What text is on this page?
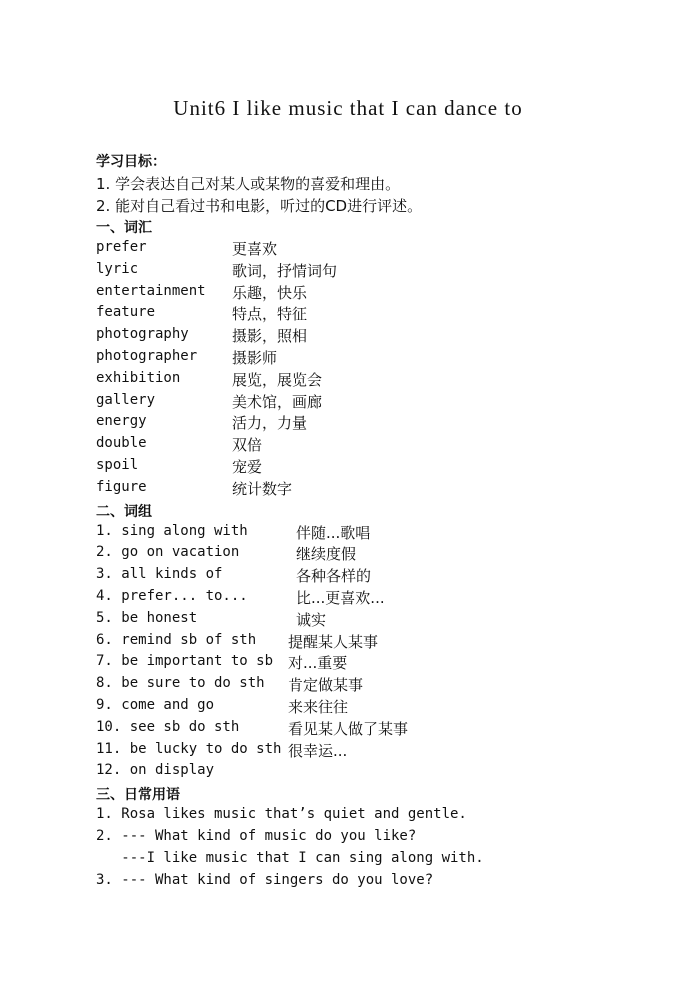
Unit6 I like music that I can dance to
学习目标：
1. 学会表达自己对某人或某物的喜爱和理由。
2. 能对自己看过书和电影，听过的CD进行评述。
一、词汇
prefer	更喜欢
lyric	歌词，抒情词句
entertainment 乐趣，快乐
feature	特点，特征
photography	摄影，照相
photographer 摄影师
exhibition	展览，展览会
gallery	美术馆，画廊
energy	活力，力量
double	双倍
spoil	宠爱
figure	统计数字
二、词组
1. sing along with	伴随...歌唱
2. go on vacation	继续度假
3. all kinds of	各种各样的
4. prefer... to...	比...更喜欢...
5. be honest	诚实
6. remind sb of sth 提醒某人某事
7. be important to sb 对...重要
8. be sure to do sth 肯定做某事
9. come and go	来来往往
10. see sb do sth	看见某人做了某事
11. be lucky to do sth 很幸运...
12. on display
三、日常用语
1. Rosa likes music that’s quiet and gentle.
2. --- What kind of music do you like?
---I like music that I can sing along with.
3. --- What kind of singers do you love?
